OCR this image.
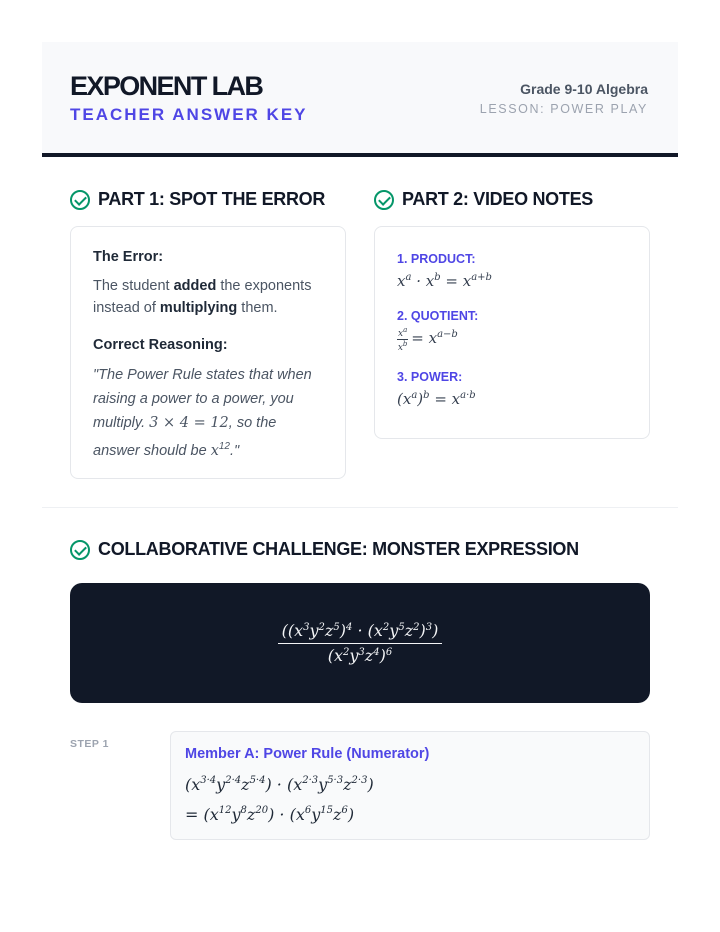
EXPONENT LAB
TEACHER ANSWER KEY
Grade 9-10 Algebra
LESSON: POWER PLAY
PART 1: SPOT THE ERROR	PART 2: VIDEO NOTES
The Error:
The student added the exponents instead of multiplying them.
Correct Reasoning:
"The Power Rule states that when raising a power to a power, you multiply. 3 × 4 = 12, so the answer should be $x^{12}$."
1. PRODUCT:
$x^a \cdot x^b = x^{a+b}$
2. QUOTIENT:
$\frac{x^a}{x^b} = x^{a-b}$
3. POWER:
$(x^a)^b = x^{a\cdot b}$
COLLABORATIVE CHALLENGE: MONSTER EXPRESSION
$\frac{((x^3y^2z^5)^4 \cdot (x^2y^5z^2)^3)}{(x^2y^3z^4)^6}$
STEP 1
Member A: Power Rule (Numerator)
$(x^{3\cdot 4}y^{2\cdot 4}z^{5\cdot 4}) \cdot (x^{2\cdot 3}y^{5\cdot 3}z^{2\cdot 3})$
= $(x^{12}y^8z^{20}) \cdot (x^6y^{15}z^6)$
